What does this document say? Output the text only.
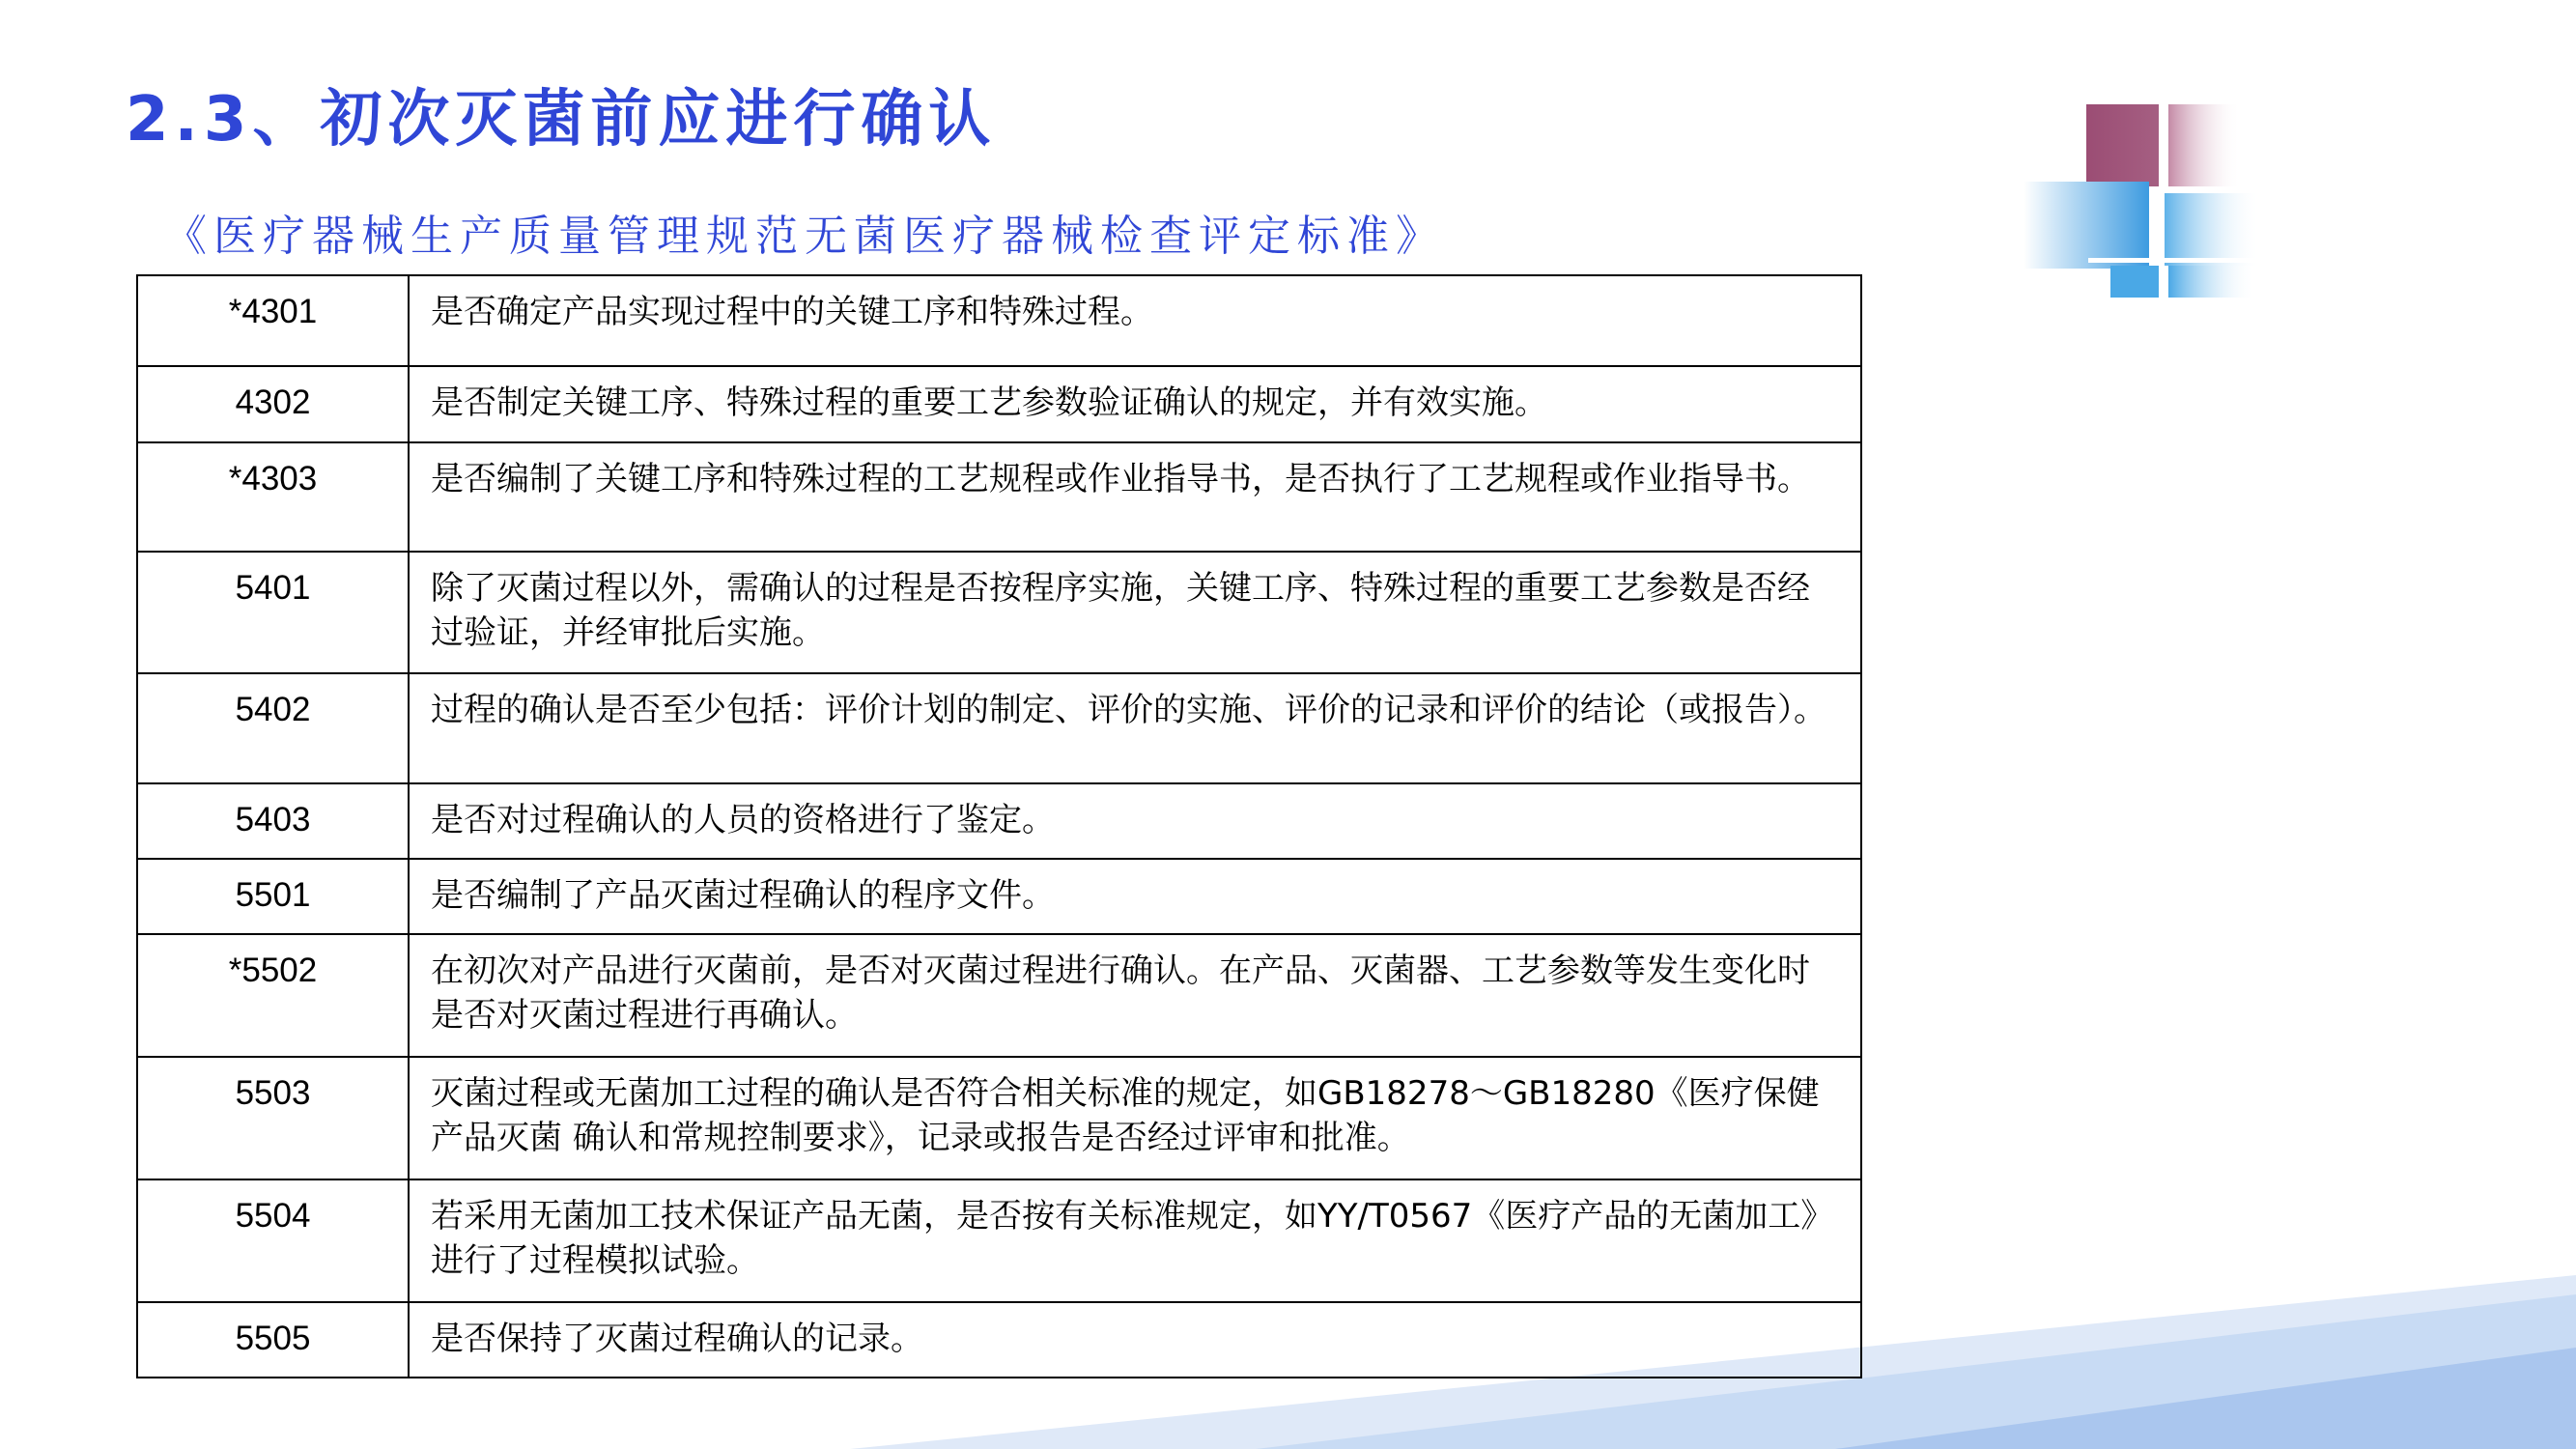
2.3、初次灭菌前应进行确认
《医疗器械生产质量管理规范无菌医疗器械检查评定标准》
*4301	是否确定产品实现过程中的关键工序和特殊过程。
4302	是否制定关键工序、特殊过程的重要工艺参数验证确认的规定，并有效实施。
*4303	是否编制了关键工序和特殊过程的工艺规程或作业指导书，是否执行了工艺规程或作业指导书。
5401	除了灭菌过程以外，需确认的过程是否按程序实施，关键工序、特殊过程的重要工艺参数是否经过验证，并经审批后实施。
5402	过程的确认是否至少包括：评价计划的制定、评价的实施、评价的记录和评价的结论（或报告）。
5403	是否对过程确认的人员的资格进行了鉴定。
5501	是否编制了产品灭菌过程确认的程序文件。
*5502	在初次对产品进行灭菌前，是否对灭菌过程进行确认。在产品、灭菌器、工艺参数等发生变化时是否对灭菌过程进行再确认。
5503	灭菌过程或无菌加工过程的确认是否符合相关标准的规定，如GB18278～GB18280《医疗保健产品灭菌 确认和常规控制要求》，记录或报告是否经过评审和批准。
5504	若采用无菌加工技术保证产品无菌，是否按有关标准规定，如YY/T0567《医疗产品的无菌加工》进行了过程模拟试验。
5505	是否保持了灭菌过程确认的记录。
